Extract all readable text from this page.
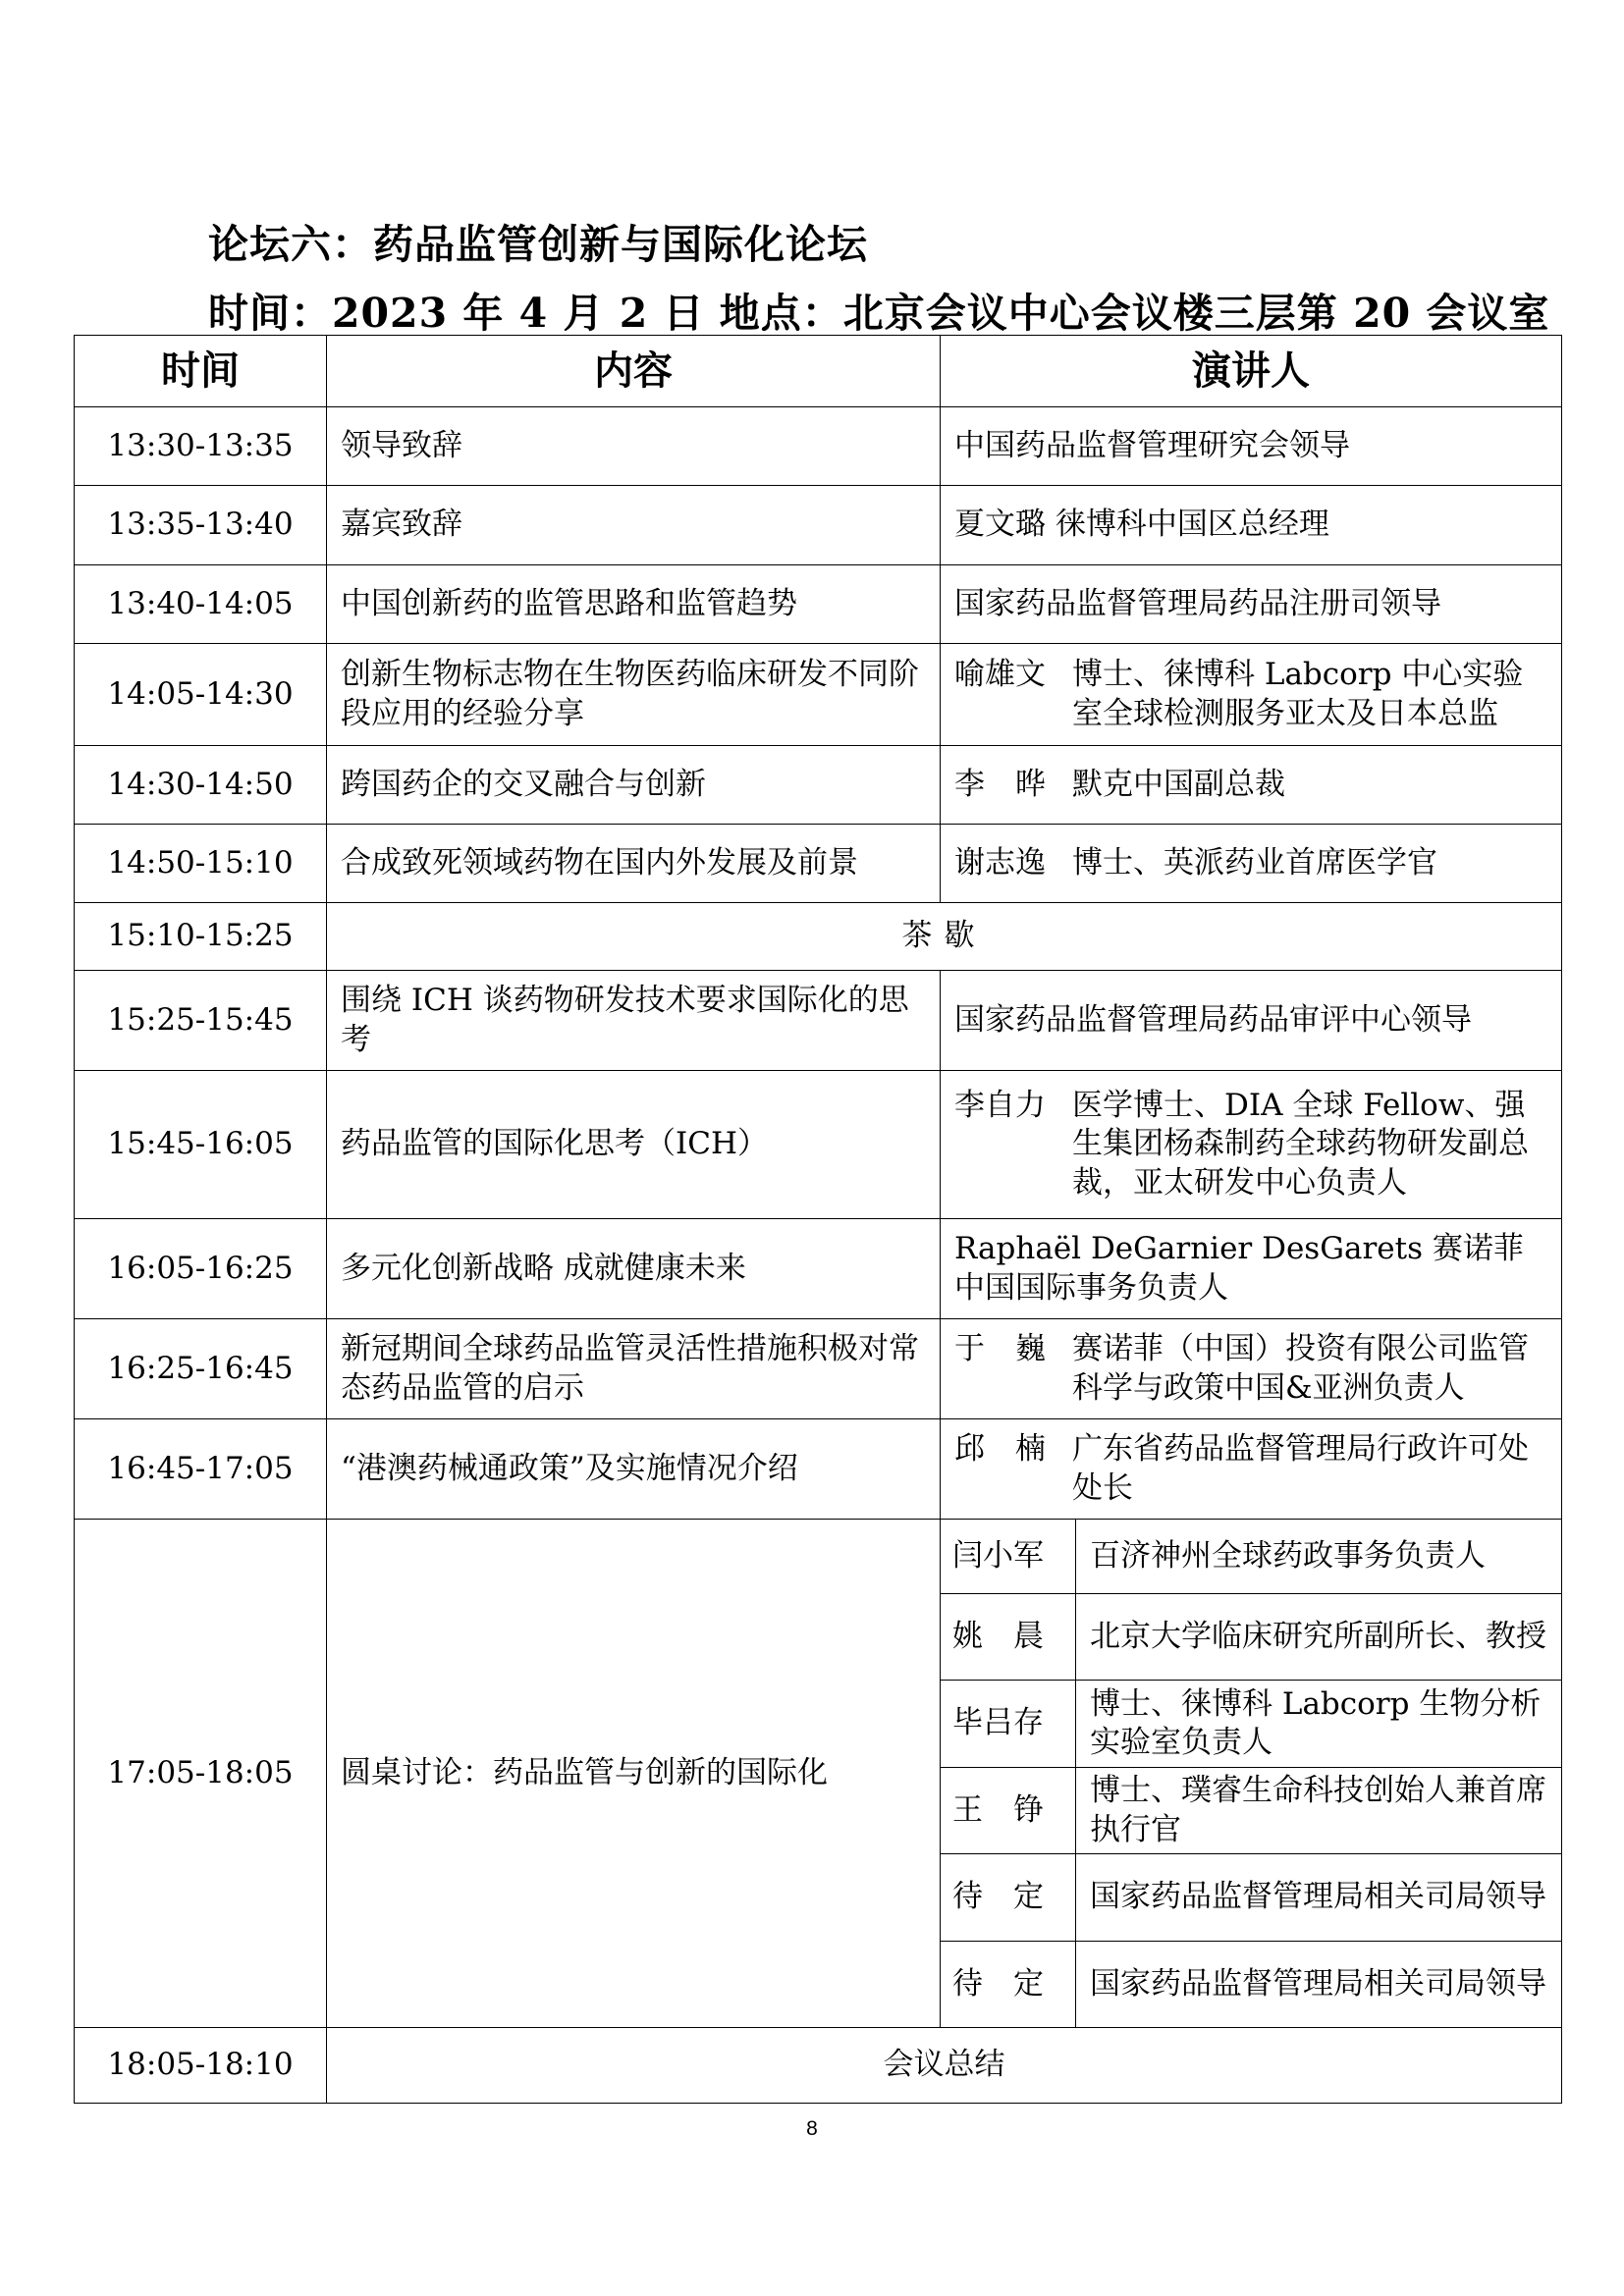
论坛六：药品监管创新与国际化论坛
时间：2023 年 4 月 2 日 地点：北京会议中心会议楼三层第 20 会议室
时间	内容	演讲人	
13:30-13:35	领导致辞	中国药品监督管理研究会领导	
13:35-13:40	嘉宾致辞	夏文璐 徕博科中国区总经理	
13:40-14:05	中国创新药的监管思路和监管趋势	国家药品监督管理局药品注册司领导	
14:05-14:30	创新生物标志物在生物医药临床研发不同阶段应用的经验分享	喻雄文 博士、徕博科 Labcorp 中心实验室全球检测服务亚太及日本总监	

14:30-14:50	跨国药企的交叉融合与创新	李　晔 默克中国副总裁	

14:50-15:10	合成致死领域药物在国内外发展及前景	谢志逸 博士、英派药业首席医学官	

15:10-15:25	茶歇		
15:25-15:45	围绕 ICH 谈药物研发技术要求国际化的思考	国家药品监督管理局药品审评中心领导	
15:45-16:05	药品监管的国际化思考（ICH）	李自力 医学博士、DIA 全球 Fellow、强生集团杨森制药全球药物研发副总裁，亚太研发中心负责人	

16:05-16:25	多元化创新战略 成就健康未来	Raphaël DeGarnier DesGarets 赛诺菲中国国际事务负责人	
16:25-16:45	新冠期间全球药品监管灵活性措施积极对常态药品监管的启示	于　巍 赛诺菲（中国）投资有限公司监管科学与政策中国&亚洲负责人	

16:45-17:05	“港澳药械通政策”及实施情况介绍	邱　楠 广东省药品监督管理局行政许可处处长	

17:05-18:05	圆桌讨论：药品监管与创新的国际化	闫小军	百济神州全球药政事务负责人
		姚　晨	北京大学临床研究所副所长、教授
		毕吕存	博士、徕博科 Labcorp 生物分析实验室负责人
		王　铮	博士、璞睿生命科技创始人兼首席执行官
		待　定	国家药品监督管理局相关司局领导
		待　定	国家药品监督管理局相关司局领导
18:05-18:10	会议总结		
8
